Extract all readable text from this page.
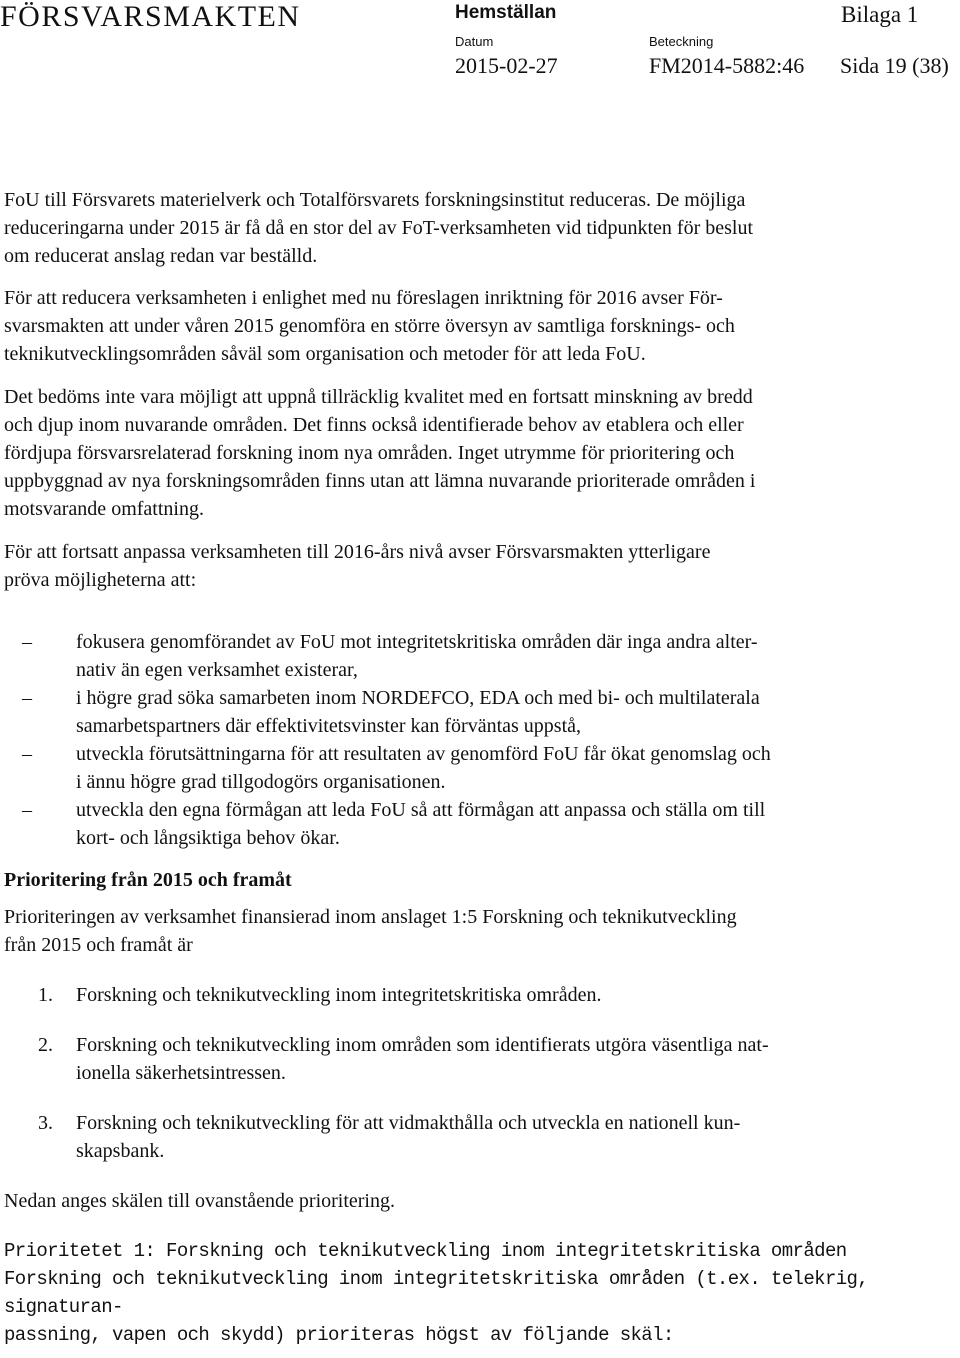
FÖRSVARSMAKTEN	Hemställan	Bilaga 1
Datum	Beteckning
2015-02-27	FM2014-5882:46 Sida 19 (38)

FoU till Försvarets materielverk och Totalförsvarets forskningsinstitut reduceras. De möjliga
reduceringarna under 2015 är få då en stor del av FoT-verksamheten vid tidpunkten för beslut
om reducerat anslag redan var beställd.

För att reducera verksamheten i enlighet med nu föreslagen inriktning för 2016 avser För-
svarsmakten att under våren 2015 genomföra en större översyn av samtliga forsknings- och
teknikutvecklingsområden såväl som organisation och metoder för att leda FoU.

Det bedöms inte vara möjligt att uppnå tillräcklig kvalitet med en fortsatt minskning av bredd
och djup inom nuvarande områden. Det finns också identifierade behov av etablera och eller
fördjupa försvarsrelaterad forskning inom nya områden. Inget utrymme för prioritering och
uppbyggnad av nya forskningsområden finns utan att lämna nuvarande prioriterade områden i
motsvarande omfattning.

För att fortsatt anpassa verksamheten till 2016-års nivå avser Försvarsmakten ytterligare
pröva möjligheterna att:

– fokusera genomförandet av FoU mot integritetskritiska områden där inga andra alter-
nativ än egen verksamhet existerar,
– i högre grad söka samarbeten inom NORDEFCO, EDA och med bi- och multilaterala
samarbetspartners där effektivitetsvinster kan förväntas uppstå,
– utveckla förutsättningarna för att resultaten av genomförd FoU får ökat genomslag och
i ännu högre grad tillgodogörs organisationen.
– utveckla den egna förmågan att leda FoU så att förmågan att anpassa och ställa om till
kort- och långsiktiga behov ökar.

Prioritering från 2015 och framåt

Prioriteringen av verksamhet finansierad inom anslaget 1:5 Forskning och teknikutveckling
från 2015 och framåt är

1. Forskning och teknikutveckling inom integritetskritiska områden.
2. Forskning och teknikutveckling inom områden som identifierats utgöra väsentliga nat-
ionella säkerhetsintressen.
3. Forskning och teknikutveckling för att vidmakthålla och utveckla en nationell kun-
skapsbank.

Nedan anges skälen till ovanstående prioritering.

Prioritetet 1: Forskning och teknikutveckling inom integritetskritiska områden

Forskning och teknikutveckling inom integritetskritiska områden (t.ex. telekrig, signaturan-
passning, vapen och skydd) prioriteras högst av följande skäl:
